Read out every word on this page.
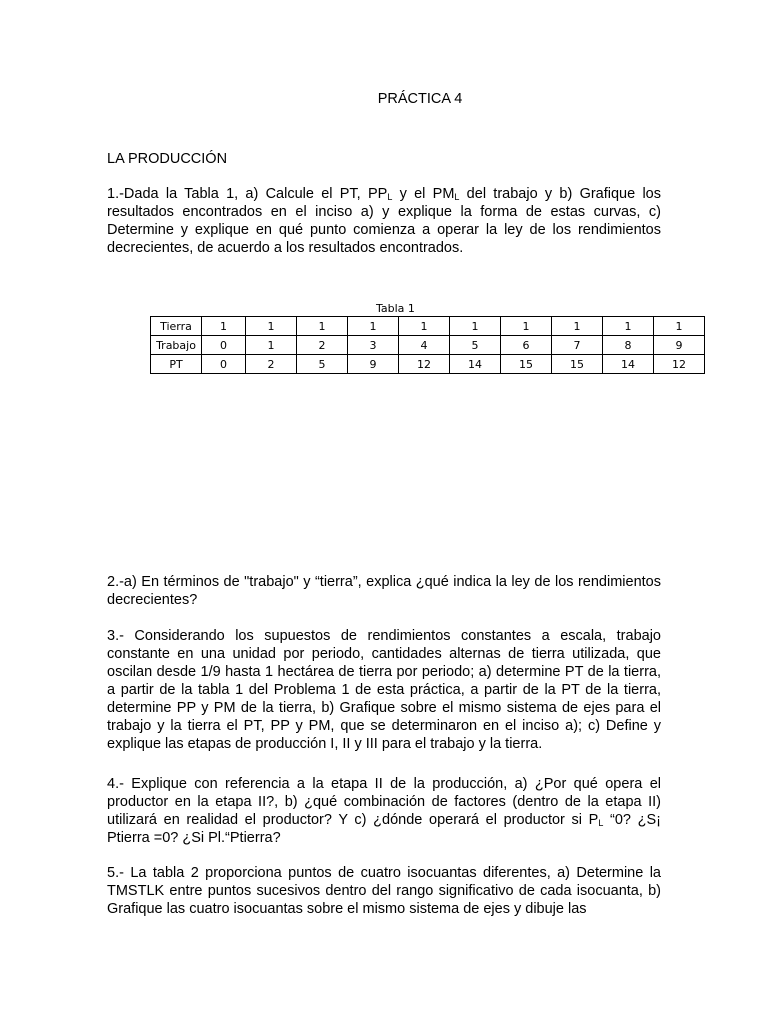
PRÁCTICA 4
LA PRODUCCIÓN

1.-Dada la Tabla 1, a) Calcule el PT, $PP_L$ y el $PM_L$ del trabajo y b) Grafique los resultados encontrados en el inciso a) y explique la forma de estas curvas, c) Determine y explique en qué punto comienza a operar la ley de los rendimientos decrecientes, de acuerdo a los resultados encontrados.

Tabla 1
Tierra	1	1	1	1	1	1	1	1	1	1
Trabajo	0	1	2	3	4	5	6	7	8	9
PT	0	2	5	9	12	14	15	15	14	12

2.-a) En términos de "trabajo" y “tierra”, explica ¿qué indica la ley de los rendimientos decrecientes?

3.- Considerando los supuestos de rendimientos constantes a escala, trabajo constante en una unidad por periodo, cantidades alternas de tierra utilizada, que oscilan desde 1/9 hasta 1 hectárea de tierra por periodo; a) determine PT de la tierra, a partir de la tabla 1 del Problema 1 de esta práctica, a partir de la PT de la tierra, determine PP y PM de la tierra, b) Grafique sobre el mismo sistema de ejes para el trabajo y la tierra el PT, PP y PM, que se determinaron en el inciso a); c) Define y explique las etapas de producción I, II y III para el trabajo y la tierra.

4.- Explique con referencia a la etapa II de la producción, a) ¿Por qué opera el productor en la etapa II?, b) ¿qué combinación de factores (dentro de la etapa II) utilizará en realidad el productor? Y c) ¿dónde operará el productor si $P_L$ “0? ¿S¡ Ptierra =0? ¿Si Pl.“Ptierra?

5.- La tabla 2 proporciona puntos de cuatro isocuantas diferentes, a) Determine la TMSTLK entre puntos sucesivos dentro del rango significativo de cada isocuanta, b) Grafique las cuatro isocuantas sobre el mismo sistema de ejes y dibuje las
